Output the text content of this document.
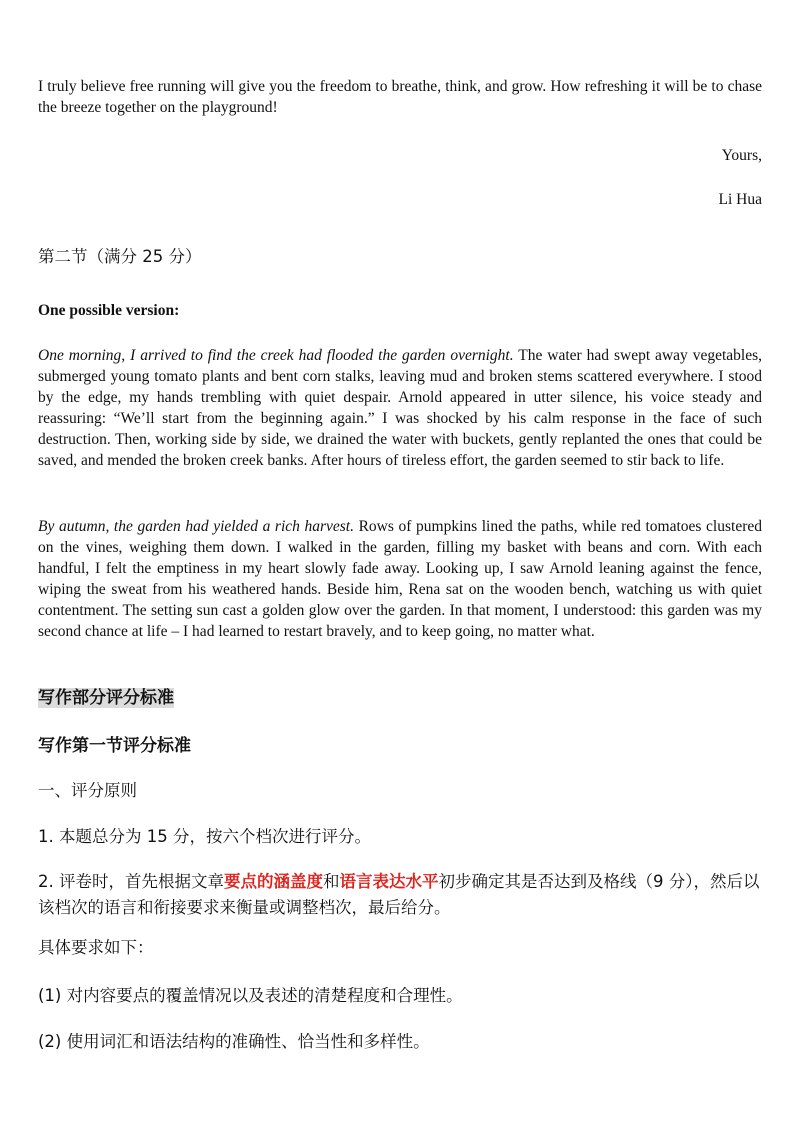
I truly believe free running will give you the freedom to breathe, think, and grow. How refreshing it will be to chase the breeze together on the playground!

Yours,
Li Hua
第二节（满分 25 分）
One possible version:

One morning, I arrived to find the creek had flooded the garden overnight. The water had swept away vegetables, submerged young tomato plants and bent corn stalks, leaving mud and broken stems scattered everywhere. I stood by the edge, my hands trembling with quiet despair. Arnold appeared in utter silence, his voice steady and reassuring: “We’ll start from the beginning again.” I was shocked by his calm response in the face of such destruction. Then, working side by side, we drained the water with buckets, gently replanted the ones that could be saved, and mended the broken creek banks. After hours of tireless effort, the garden seemed to stir back to life.

By autumn, the garden had yielded a rich harvest. Rows of pumpkins lined the paths, while red tomatoes clustered on the vines, weighing them down. I walked in the garden, filling my basket with beans and corn. With each handful, I felt the emptiness in my heart slowly fade away. Looking up, I saw Arnold leaning against the fence, wiping the sweat from his weathered hands. Beside him, Rena sat on the wooden bench, watching us with quiet contentment. The setting sun cast a golden glow over the garden. In that moment, I understood: this garden was my second chance at life – I had learned to restart bravely, and to keep going, no matter what.

写作部分评分标准
写作第一节评分标准
一、评分原则
1. 本题总分为 15 分，按六个档次进行评分。

2. 评卷时，首先根据文章要点的涵盖度和语言表达水平初步确定其是否达到及格线（9 分），然后以该档次的语言和衔接要求来衡量或调整档次，最后给分。

具体要求如下：
(1) 对内容要点的覆盖情况以及表述的清楚程度和合理性。
(2) 使用词汇和语法结构的准确性、恰当性和多样性。
